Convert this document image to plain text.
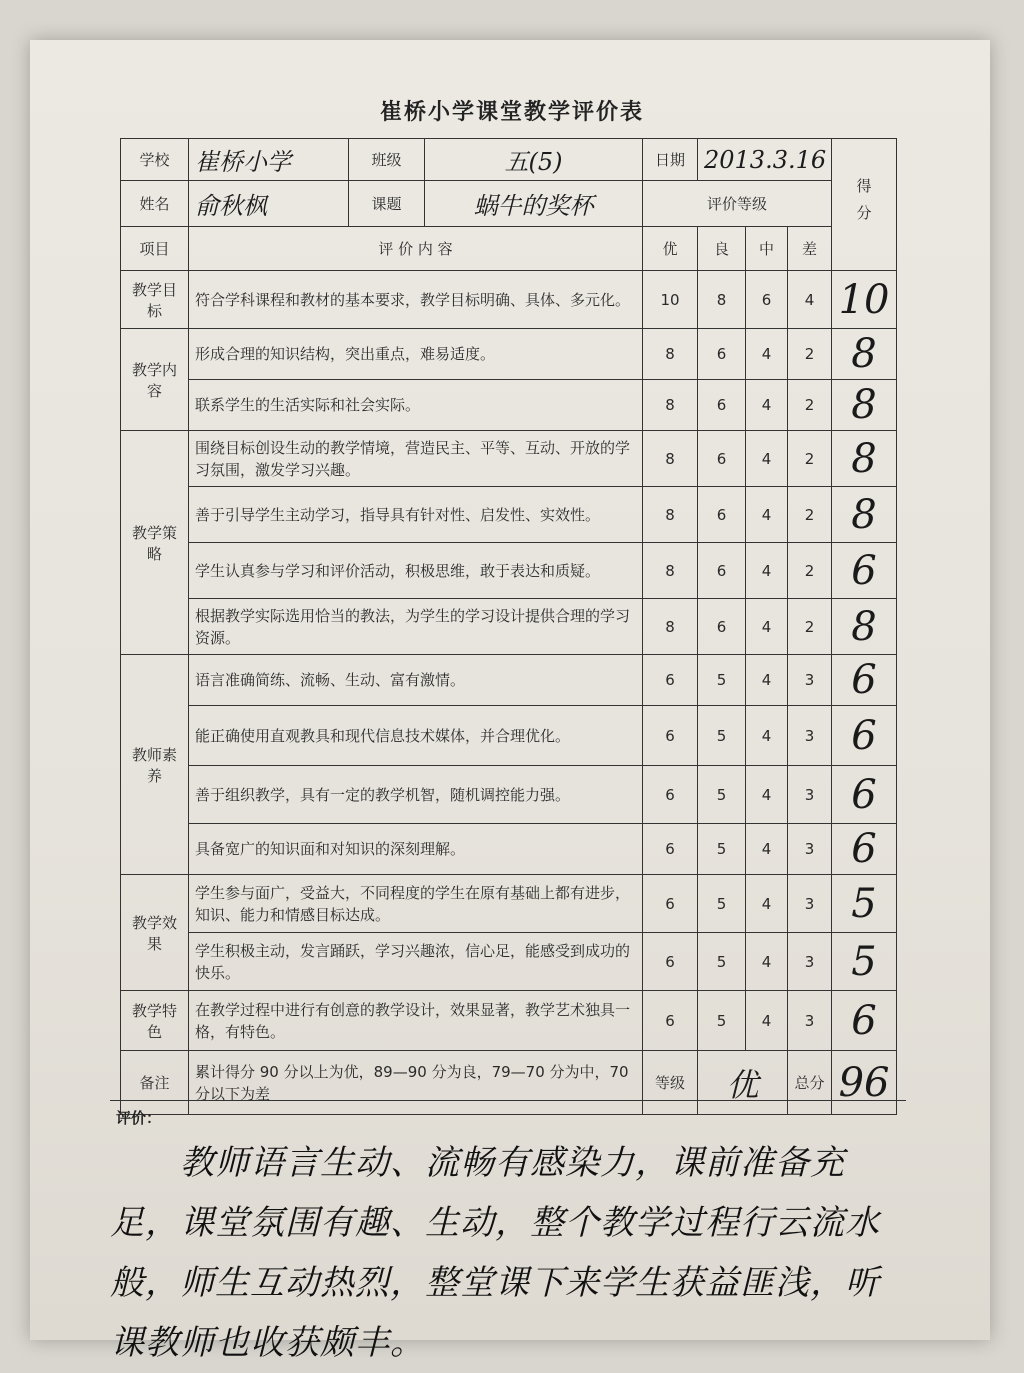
崔桥小学课堂教学评价表
学校	崔桥小学	班级	五(5)	日期	2013.3.16			得分
姓名	俞秋枫	课题	蜗牛的奖杯	评价等级				
项目	评 价 内 容			优	良	中	差	
教学目标	符合学科课程和教材的基本要求，教学目标明确、具体、多元化。			10	8	6	4	10
教学内容	形成合理的知识结构，突出重点，难易适度。			8	6	4	2	8
	联系学生的生活实际和社会实际。			8	6	4	2	8
教学策略	围绕目标创设生动的教学情境，营造民主、平等、互动、开放的学习氛围，激发学习兴趣。			8	6	4	2	8
	善于引导学生主动学习，指导具有针对性、启发性、实效性。			8	6	4	2	8
	学生认真参与学习和评价活动，积极思维，敢于表达和质疑。			8	6	4	2	6
	根据教学实际选用恰当的教法，为学生的学习设计提供合理的学习资源。			8	6	4	2	8
教师素养	语言准确简练、流畅、生动、富有激情。			6	5	4	3	6
	能正确使用直观教具和现代信息技术媒体，并合理优化。			6	5	4	3	6
	善于组织教学，具有一定的教学机智，随机调控能力强。			6	5	4	3	6
	具备宽广的知识面和对知识的深刻理解。			6	5	4	3	6
教学效果	学生参与面广，受益大，不同程度的学生在原有基础上都有进步，知识、能力和情感目标达成。			6	5	4	3	5
	学生积极主动，发言踊跃，学习兴趣浓，信心足，能感受到成功的快乐。			6	5	4	3	5
教学特色	在教学过程中进行有创意的教学设计，效果显著，教学艺术独具一格，有特色。			6	5	4	3	6
备注	累计得分 90 分以上为优，89—90 分为良，79—70 分为中，70 分以下为差			等级	优		总分	96
评价：
教师语言生动、流畅有感染力，课前准备充足，课堂氛围有趣、生动，整个教学过程行云流水般，师生互动热烈，整堂课下来学生获益匪浅，听课教师也收获颇丰。
